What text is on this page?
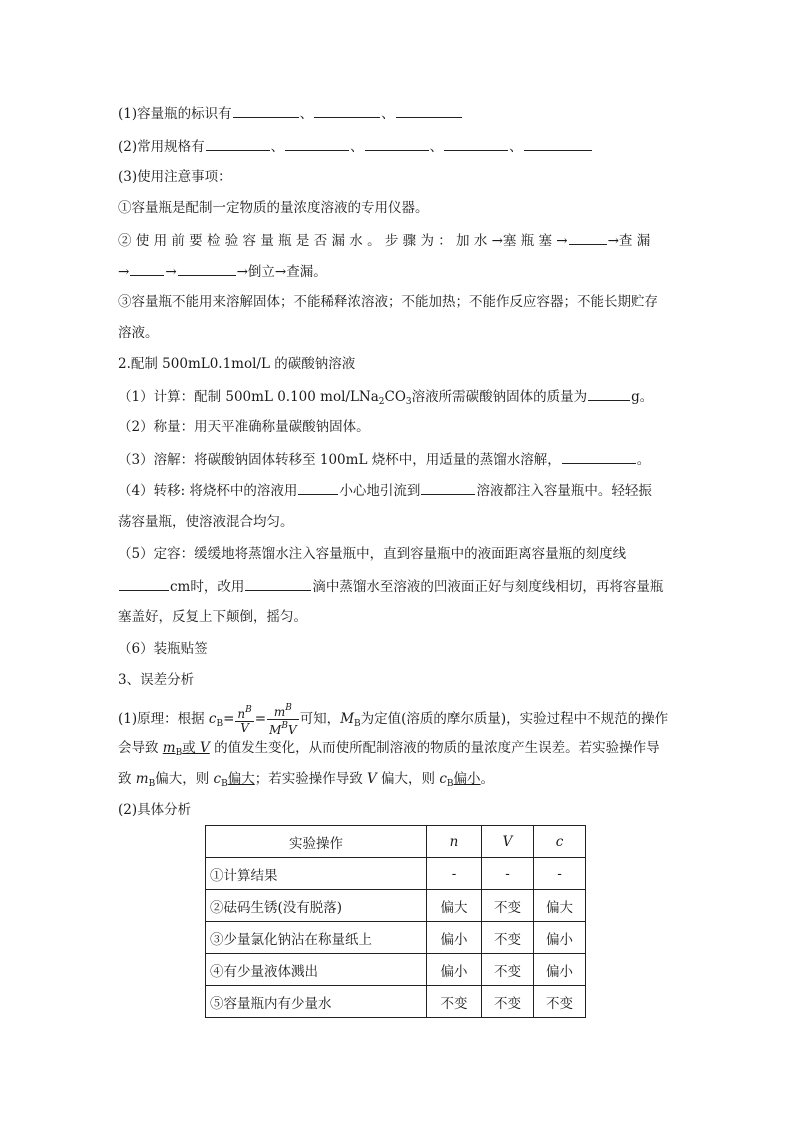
(1)容量瓶的标识有	、	、
(2)常用规格有	、	、	、	、
(3)使用注意事项：
①容量瓶是配制一定物质的量浓度溶液的专用仪器。
② 使 用 前 要 检 验 容 量 瓶 是 否 漏 水 。 步 骤 为 ： 加 水 →塞 瓶 塞 →	→查 漏
→	→	→倒立→查漏。
③容量瓶不能用来溶解固体；不能稀释浓溶液；不能加热；不能作反应容器；不能长期贮存
溶液。
2.配制 500mL0.1mol/L 的碳酸钠溶液
（1）计算：配制 500mL 0.100 mol/$LNa_2CO_3$溶液所需碳酸钠固体的质量为	g。
（2）称量：用天平准确称量碳酸钠固体。
（3）溶解：将碳酸钠固体转移至 100mL 烧杯中，用适量的蒸馏水溶解，	。
（4）转移: 将烧杯中的溶液用	小心地引流到	溶液都注入容量瓶中。轻轻振
荡容量瓶，使溶液混合均匀。
（5）定容：缓缓地将蒸馏水注入容量瓶中，直到容量瓶中的液面距离容量瓶的刻度线
cm时，改用	滴中蒸馏水至溶液的凹液面正好与刻度线相切，再将容量瓶
塞盖好，反复上下颠倒，摇匀。
（6）装瓶贴签
3、误差分析
(1)原理：根据 $c_B= \frac{n^B}{V} = \frac{m^B}{M^BV}$ 可知，$M_B$为定值(溶质的摩尔质量)，实验过程中不规范的操作
会导致 $m_B$或 V 的值发生变化，从而使所配制溶液的物质的量浓度产生误差。若实验操作导
致 $m_B$偏大，则 $c_B$偏大；若实验操作导致 V 偏大，则 $c_B$偏小。
(2)具体分析
实验操作	n	V	c
①计算结果	-	-	-
②砝码生锈(没有脱落)	偏大	不变	偏大
③少量氯化钠沾在称量纸上	偏小	不变	偏小
④有少量液体溅出	偏小	不变	偏小
⑤容量瓶内有少量水	不变	不变	不变
